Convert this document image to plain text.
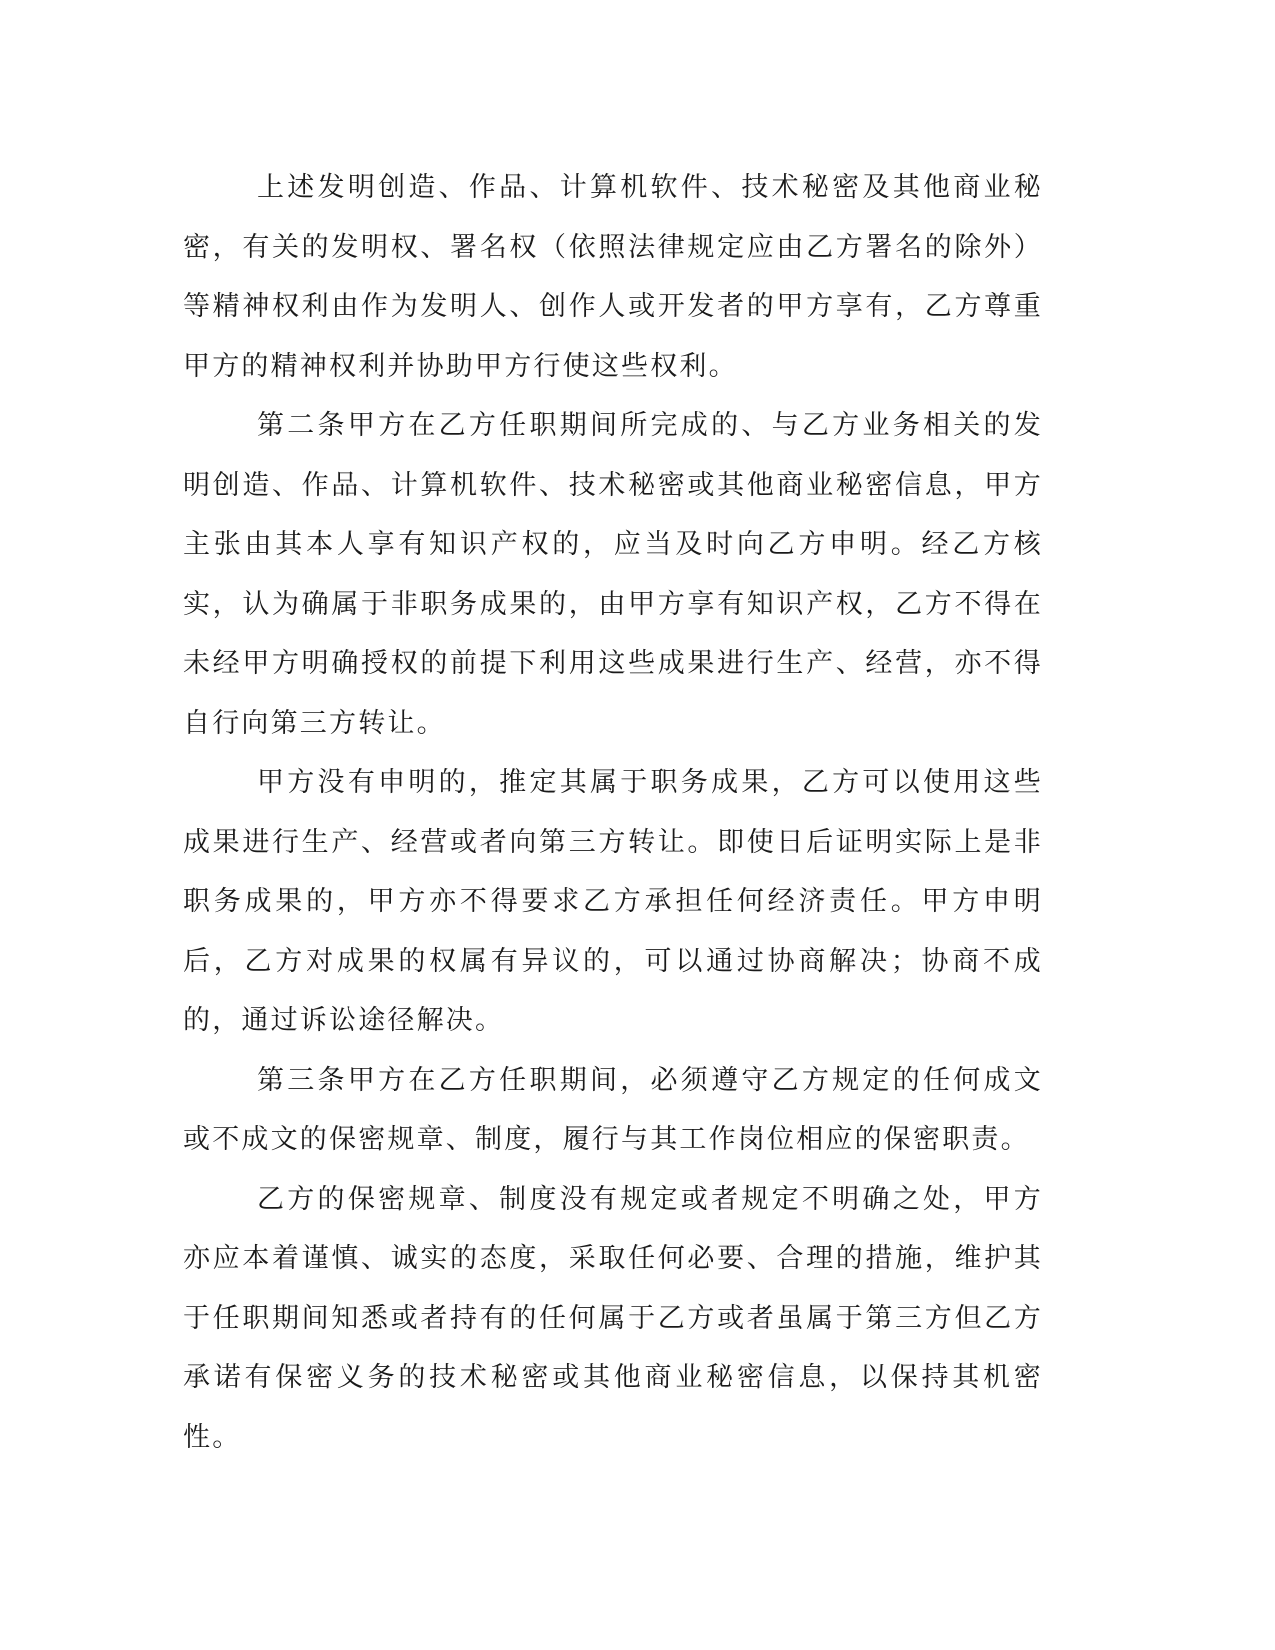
上述发明创造、作品、计算机软件、技术秘密及其他商业秘密，有关的发明权、署名权（依照法律规定应由乙方署名的除外）等精神权利由作为发明人、创作人或开发者的甲方享有，乙方尊重甲方的精神权利并协助甲方行使这些权利。

第二条甲方在乙方任职期间所完成的、与乙方业务相关的发明创造、作品、计算机软件、技术秘密或其他商业秘密信息，甲方主张由其本人享有知识产权的，应当及时向乙方申明。经乙方核实，认为确属于非职务成果的，由甲方享有知识产权，乙方不得在未经甲方明确授权的前提下利用这些成果进行生产、经营，亦不得自行向第三方转让。

甲方没有申明的，推定其属于职务成果，乙方可以使用这些成果进行生产、经营或者向第三方转让。即使日后证明实际上是非职务成果的，甲方亦不得要求乙方承担任何经济责任。甲方申明后，乙方对成果的权属有异议的，可以通过协商解决；协商不成的，通过诉讼途径解决。

第三条甲方在乙方任职期间，必须遵守乙方规定的任何成文或不成文的保密规章、制度，履行与其工作岗位相应的保密职责。

乙方的保密规章、制度没有规定或者规定不明确之处，甲方亦应本着谨慎、诚实的态度，采取任何必要、合理的措施，维护其于任职期间知悉或者持有的任何属于乙方或者虽属于第三方但乙方承诺有保密义务的技术秘密或其他商业秘密信息，以保持其机密性。
